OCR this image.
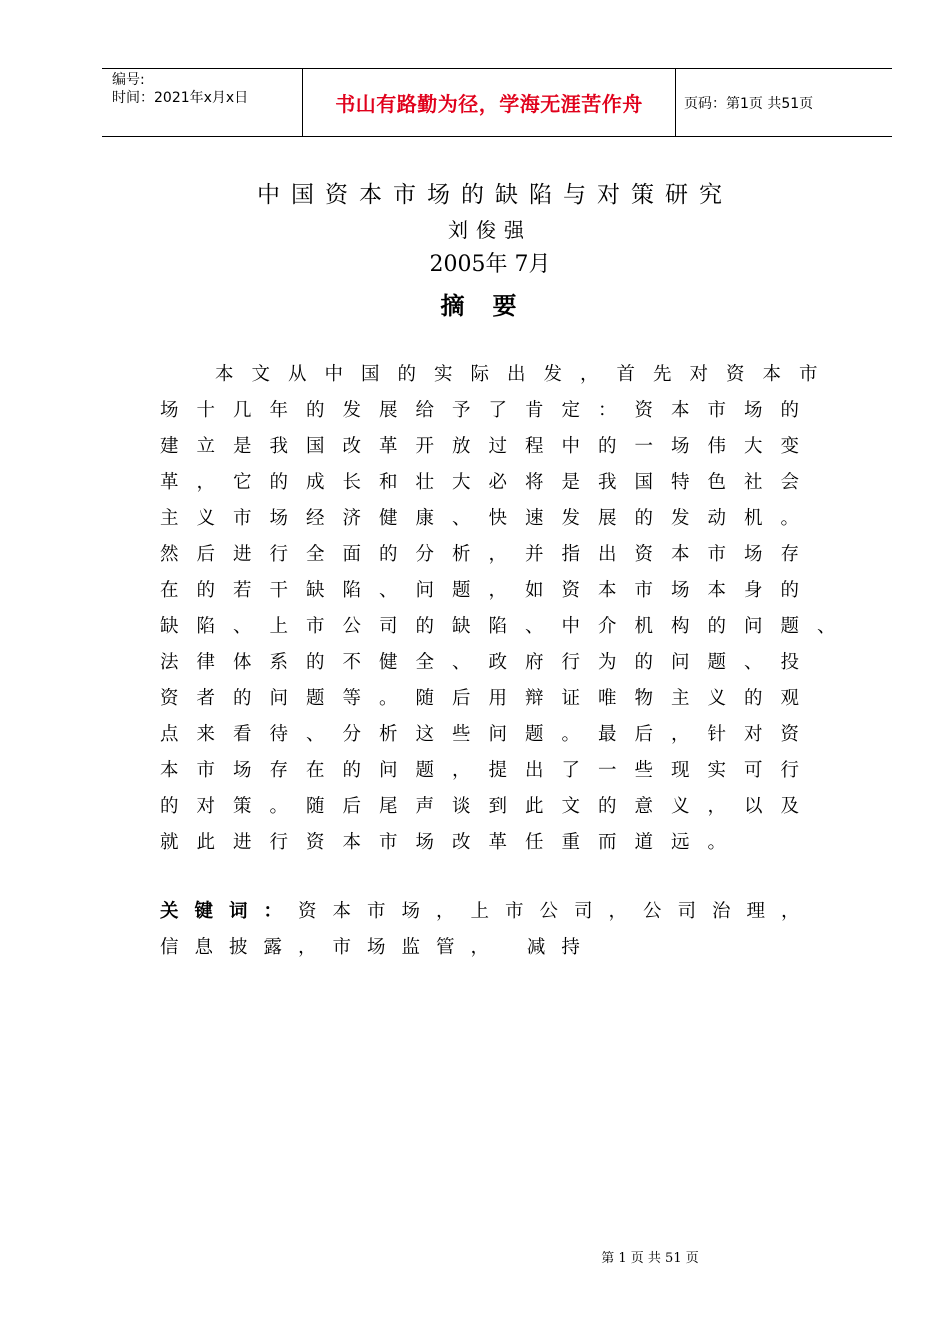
编号:
时间：2021年x月x日	书山有路勤为径，学海无涯苦作舟	页码：第1页 共51页
中国资本市场的缺陷与对策研究
刘俊强
2005年 7月
摘要
本文从中国的实际出发，首先对资本市
场十几年的发展给予了肯定：资本市场的
建立是我国改革开放过程中的一场伟大变
革，它的成长和壮大必将是我国特色社会
主义市场经济健康、快速发展的发动机。
然后进行全面的分析，并指出资本市场存
在的若干缺陷、问题，如资本市场本身的
缺陷、上市公司的缺陷、中介机构的问题、
法律体系的不健全、政府行为的问题、投
资者的问题等。随后用辩证唯物主义的观
点来看待、分析这些问题。最后，针对资
本市场存在的问题，提出了一些现实可行
的对策。随后尾声谈到此文的意义，以及
就此进行资本市场改革任重而道远。
关键词：资本市场，上市公司，公司治理，
信息披露，市场监管， 减持
第 1 页 共 51 页
